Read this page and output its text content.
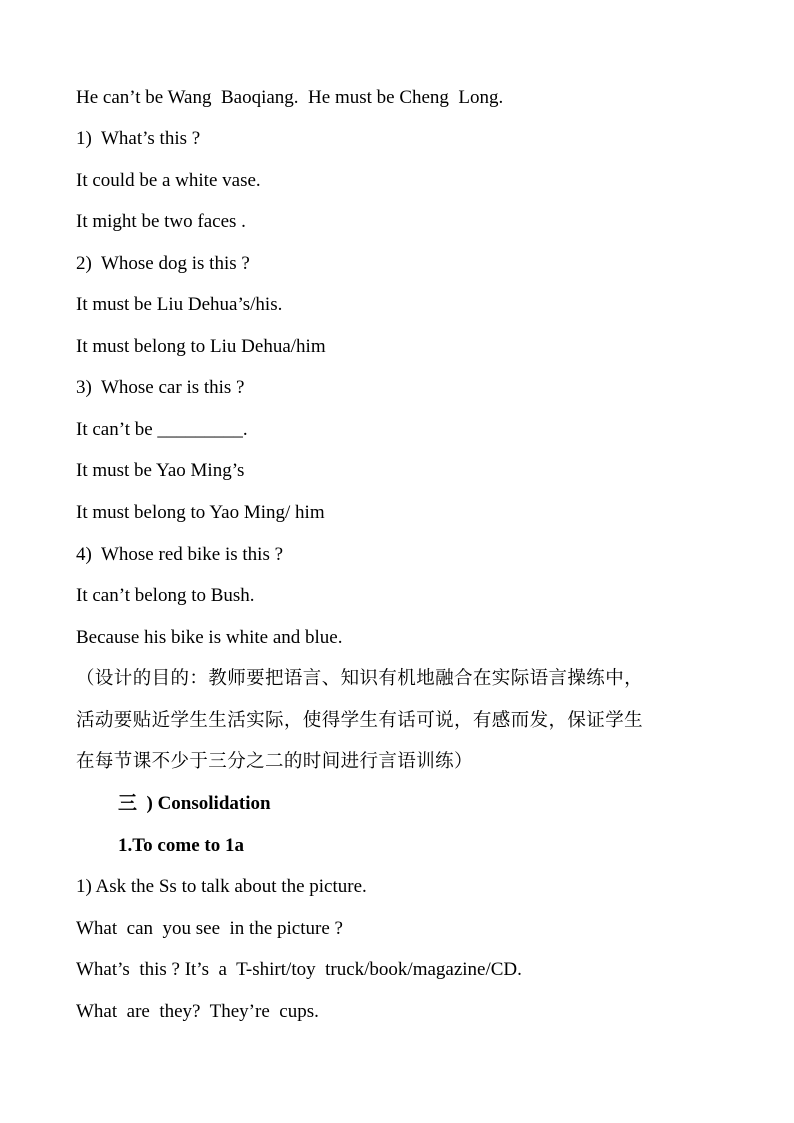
He can’t be Wang  Baoqiang.  He must be Cheng  Long.
1)  What’s this ?
It could be a white vase.
It might be two faces .
2)  Whose dog is this ?
It must be Liu Dehua’s/his.
It must belong to Liu Dehua/him
3)  Whose car is this ?
It can’t be _________.
It must be Yao Ming’s
It must belong to Yao Ming/ him
4)  Whose red bike is this ?
It can’t belong to Bush.
Because his bike is white and blue.
（设计的目的：教师要把语言、知识有机地融合在实际语言操练中，
活动要贴近学生生活实际，使得学生有话可说，有感而发，保证学生
在每节课不少于三分之二的时间进行言语训练）
三  ) Consolidation
1.To come to 1a
1) Ask the Ss to talk about the picture.
What  can  you see  in the picture ?
What’s  this ? It’s  a  T-shirt/toy  truck/book/magazine/CD.
What  are  they?  They’re  cups.
